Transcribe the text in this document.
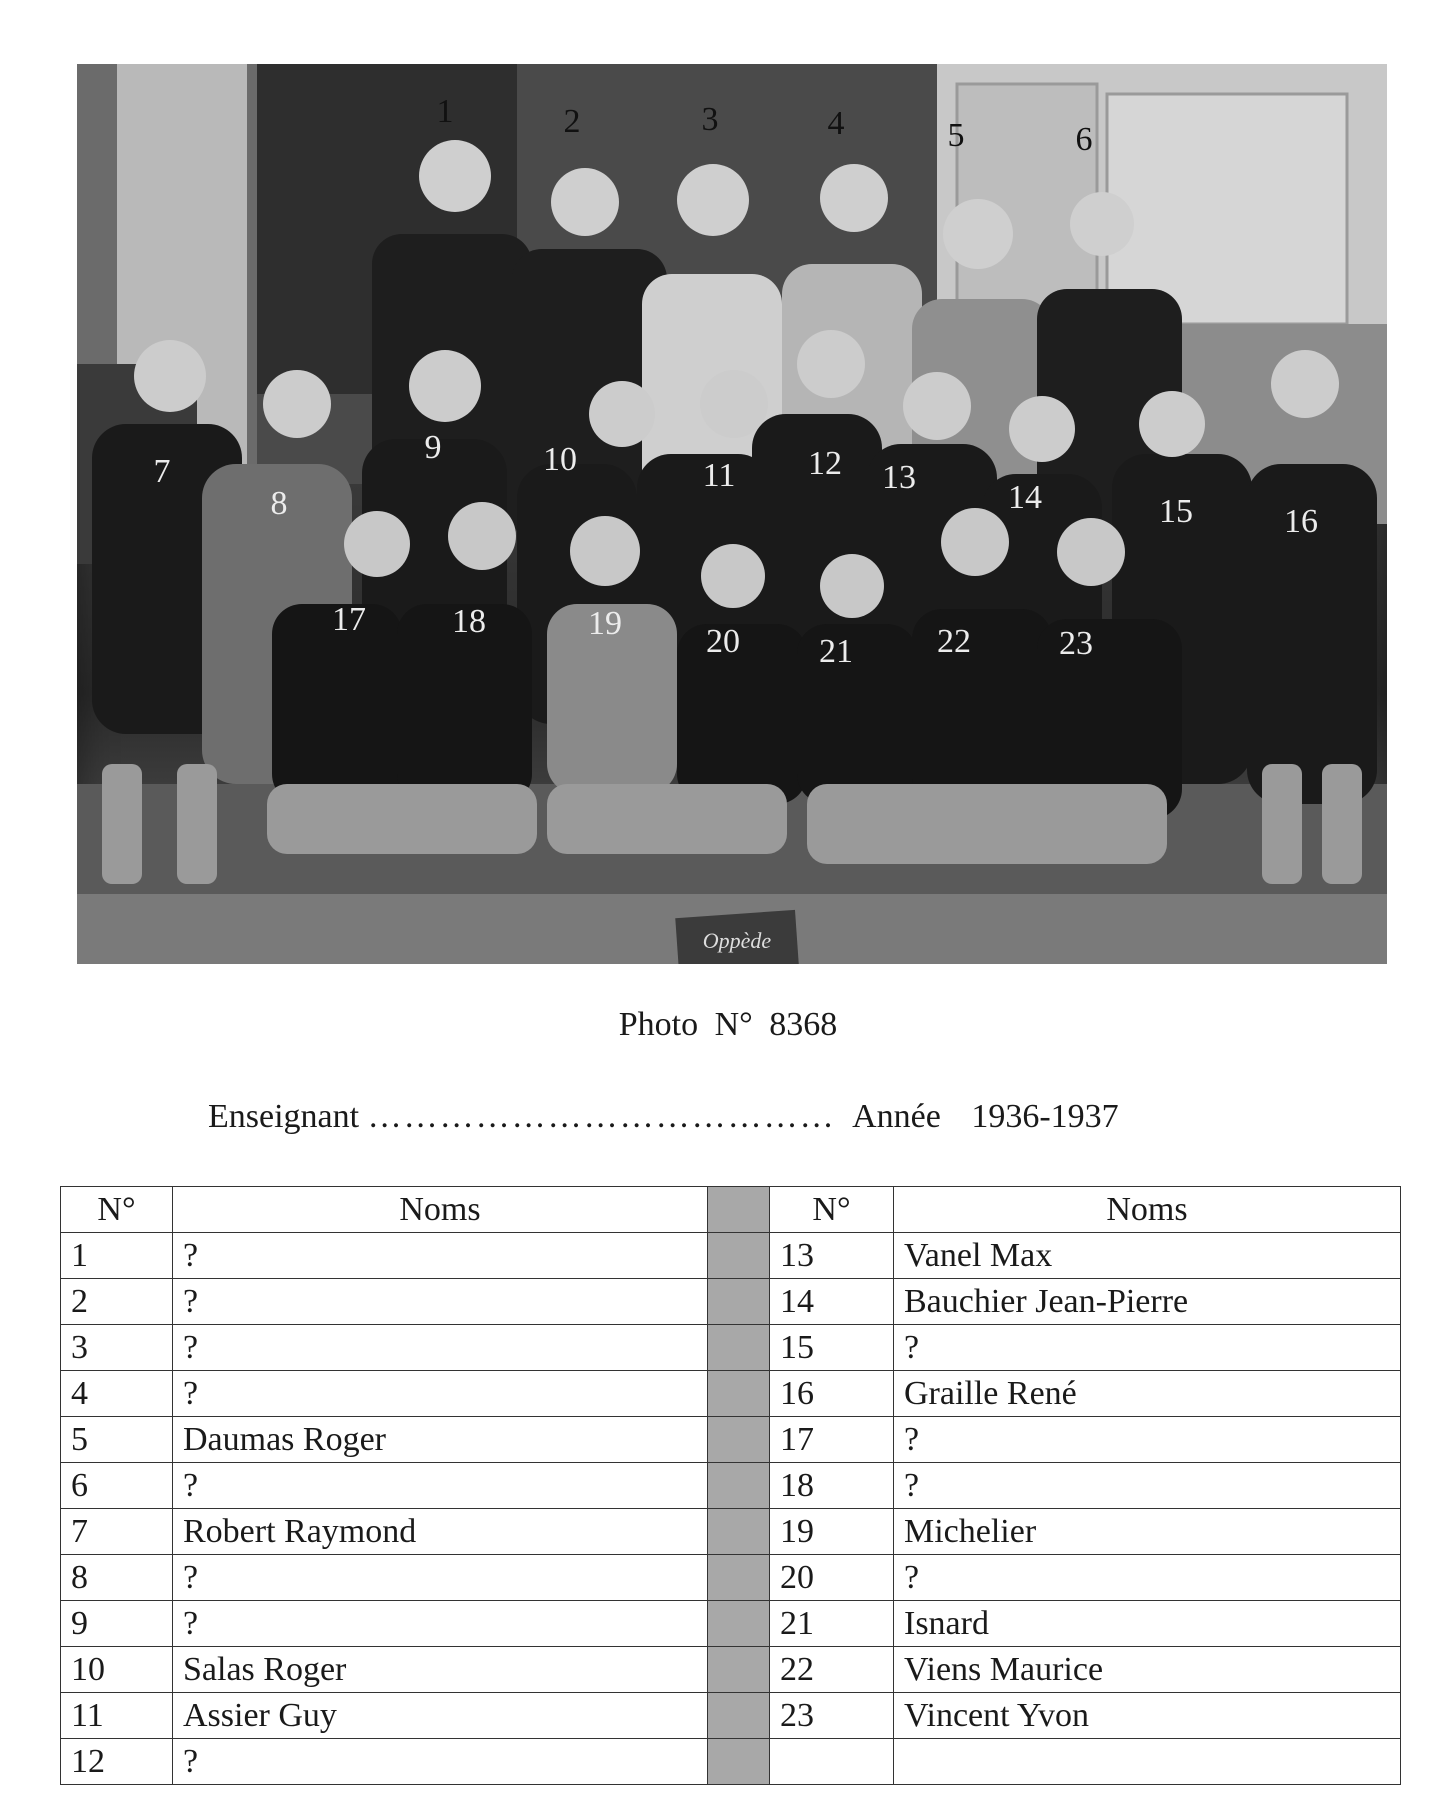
Oppède
1	2	3	4	5	6
7
8
9	10	11 12 13
14	15	16
17	18	19 20 21 22	23
Photo N° 8368
Enseignant ………………………………… Année 1936-1937
N°	Noms		N°	Noms
1	?		13	Vanel Max
2	?		14	Bauchier Jean-Pierre
3	?		15	?
4	?		16	Graille René
5	Daumas Roger		17	?
6	?		18	?
7	Robert Raymond		19	Michelier
8	?		20	?
9	?		21	Isnard
10	Salas Roger		22	Viens Maurice
11	Assier Guy		23	Vincent Yvon
12	?			
